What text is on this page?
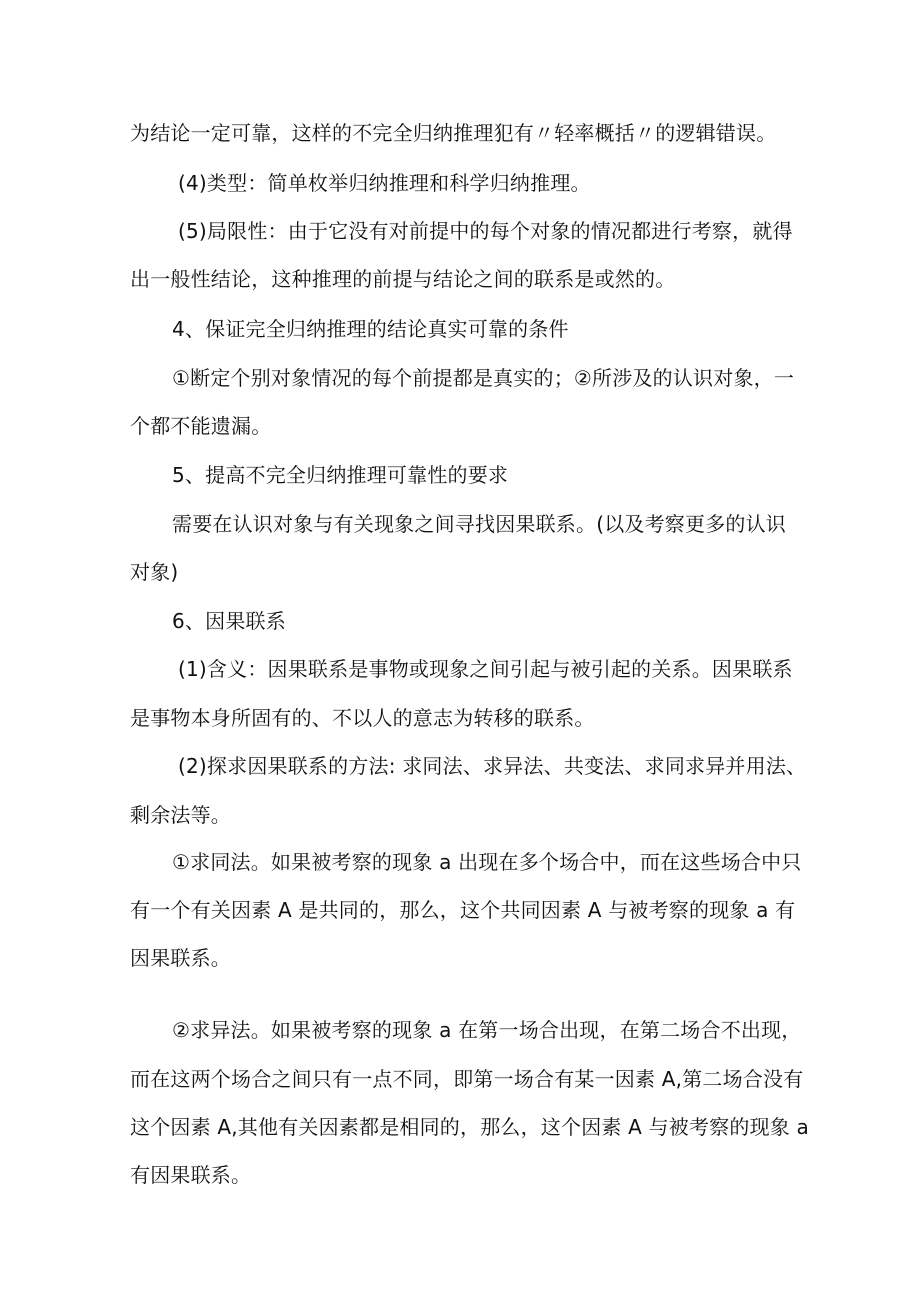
为结论一定可靠，这样的不完全归纳推理犯有〃轻率概括〃的逻辑错误。
(4)类型：简单枚举归纳推理和科学归纳推理。
(5)局限性：由于它没有对前提中的每个对象的情况都进行考察，就得
出一般性结论，这种推理的前提与结论之间的联系是或然的。
4、保证完全归纳推理的结论真实可靠的条件
①断定个别对象情况的每个前提都是真实的；②所涉及的认识对象，一
个都不能遗漏。
5、提高不完全归纳推理可靠性的要求
需要在认识对象与有关现象之间寻找因果联系。(以及考察更多的认识
对象)
6、因果联系
(1)含义：因果联系是事物或现象之间引起与被引起的关系。因果联系
是事物本身所固有的、不以人的意志为转移的联系。
(2)探求因果联系的方法: 求同法、求异法、共变法、求同求异并用法、
剩余法等。
①求同法。如果被考察的现象 a 出现在多个场合中，而在这些场合中只
有一个有关因素 A 是共同的，那么，这个共同因素 A 与被考察的现象 a 有
因果联系。
②求异法。如果被考察的现象 a 在第一场合出现，在第二场合不出现，
而在这两个场合之间只有一点不同，即第一场合有某一因素 A,第二场合没有
这个因素 A,其他有关因素都是相同的，那么，这个因素 A 与被考察的现象 a
有因果联系。
